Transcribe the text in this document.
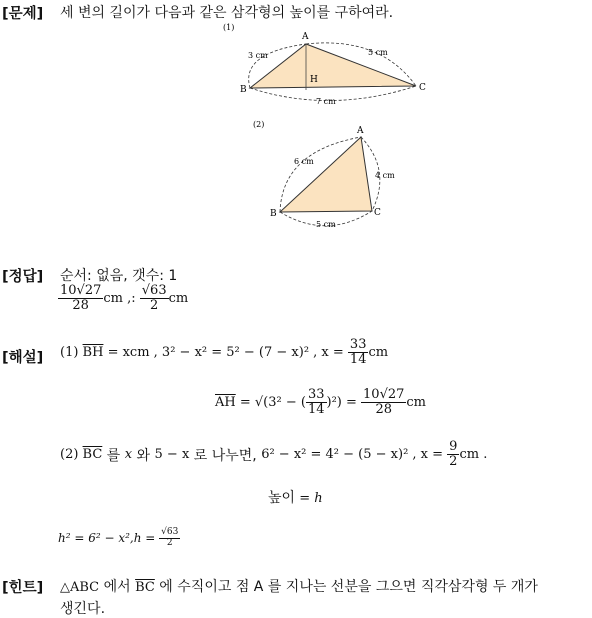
[문제] 세 변의 길이가 다음과 같은 삼각형의 높이를 구하여라.
(1)
A
B	C
H
3 cm	5 cm
7 cm
(2)
A
B	C
6 cm
4 cm
5 cm
[정답] 순서: 없음, 갯수: 1
$\frac{10√27}{28}$ cm ,: $\frac{√63}{2}$ cm
[해설] (1) $\overline{BH}$ = xcm , 3² − x² = 5² − (7 − x)² , $x = \frac{33}{14}$ cm
$\overline{AH} = √(3^2$ − ( $\frac{33}{14} )^2) = \frac{10√27}{28}$ cm
(2) $\overline{BC}$ 를 x 와 5 − x 로 나누면, 6² − x² = 4² − (5 − x)² , $x = \frac{9}{2}$ cm .
높이 = h
$h^2 = 6^2 - x^2,h = \frac{√63}{2}$
[힌트] △ABC 에서 $\overline{BC}$ 에 수직이고 점 A 를 지나는 선분을 그으면 직각삼각형 두 개가
생긴다.
